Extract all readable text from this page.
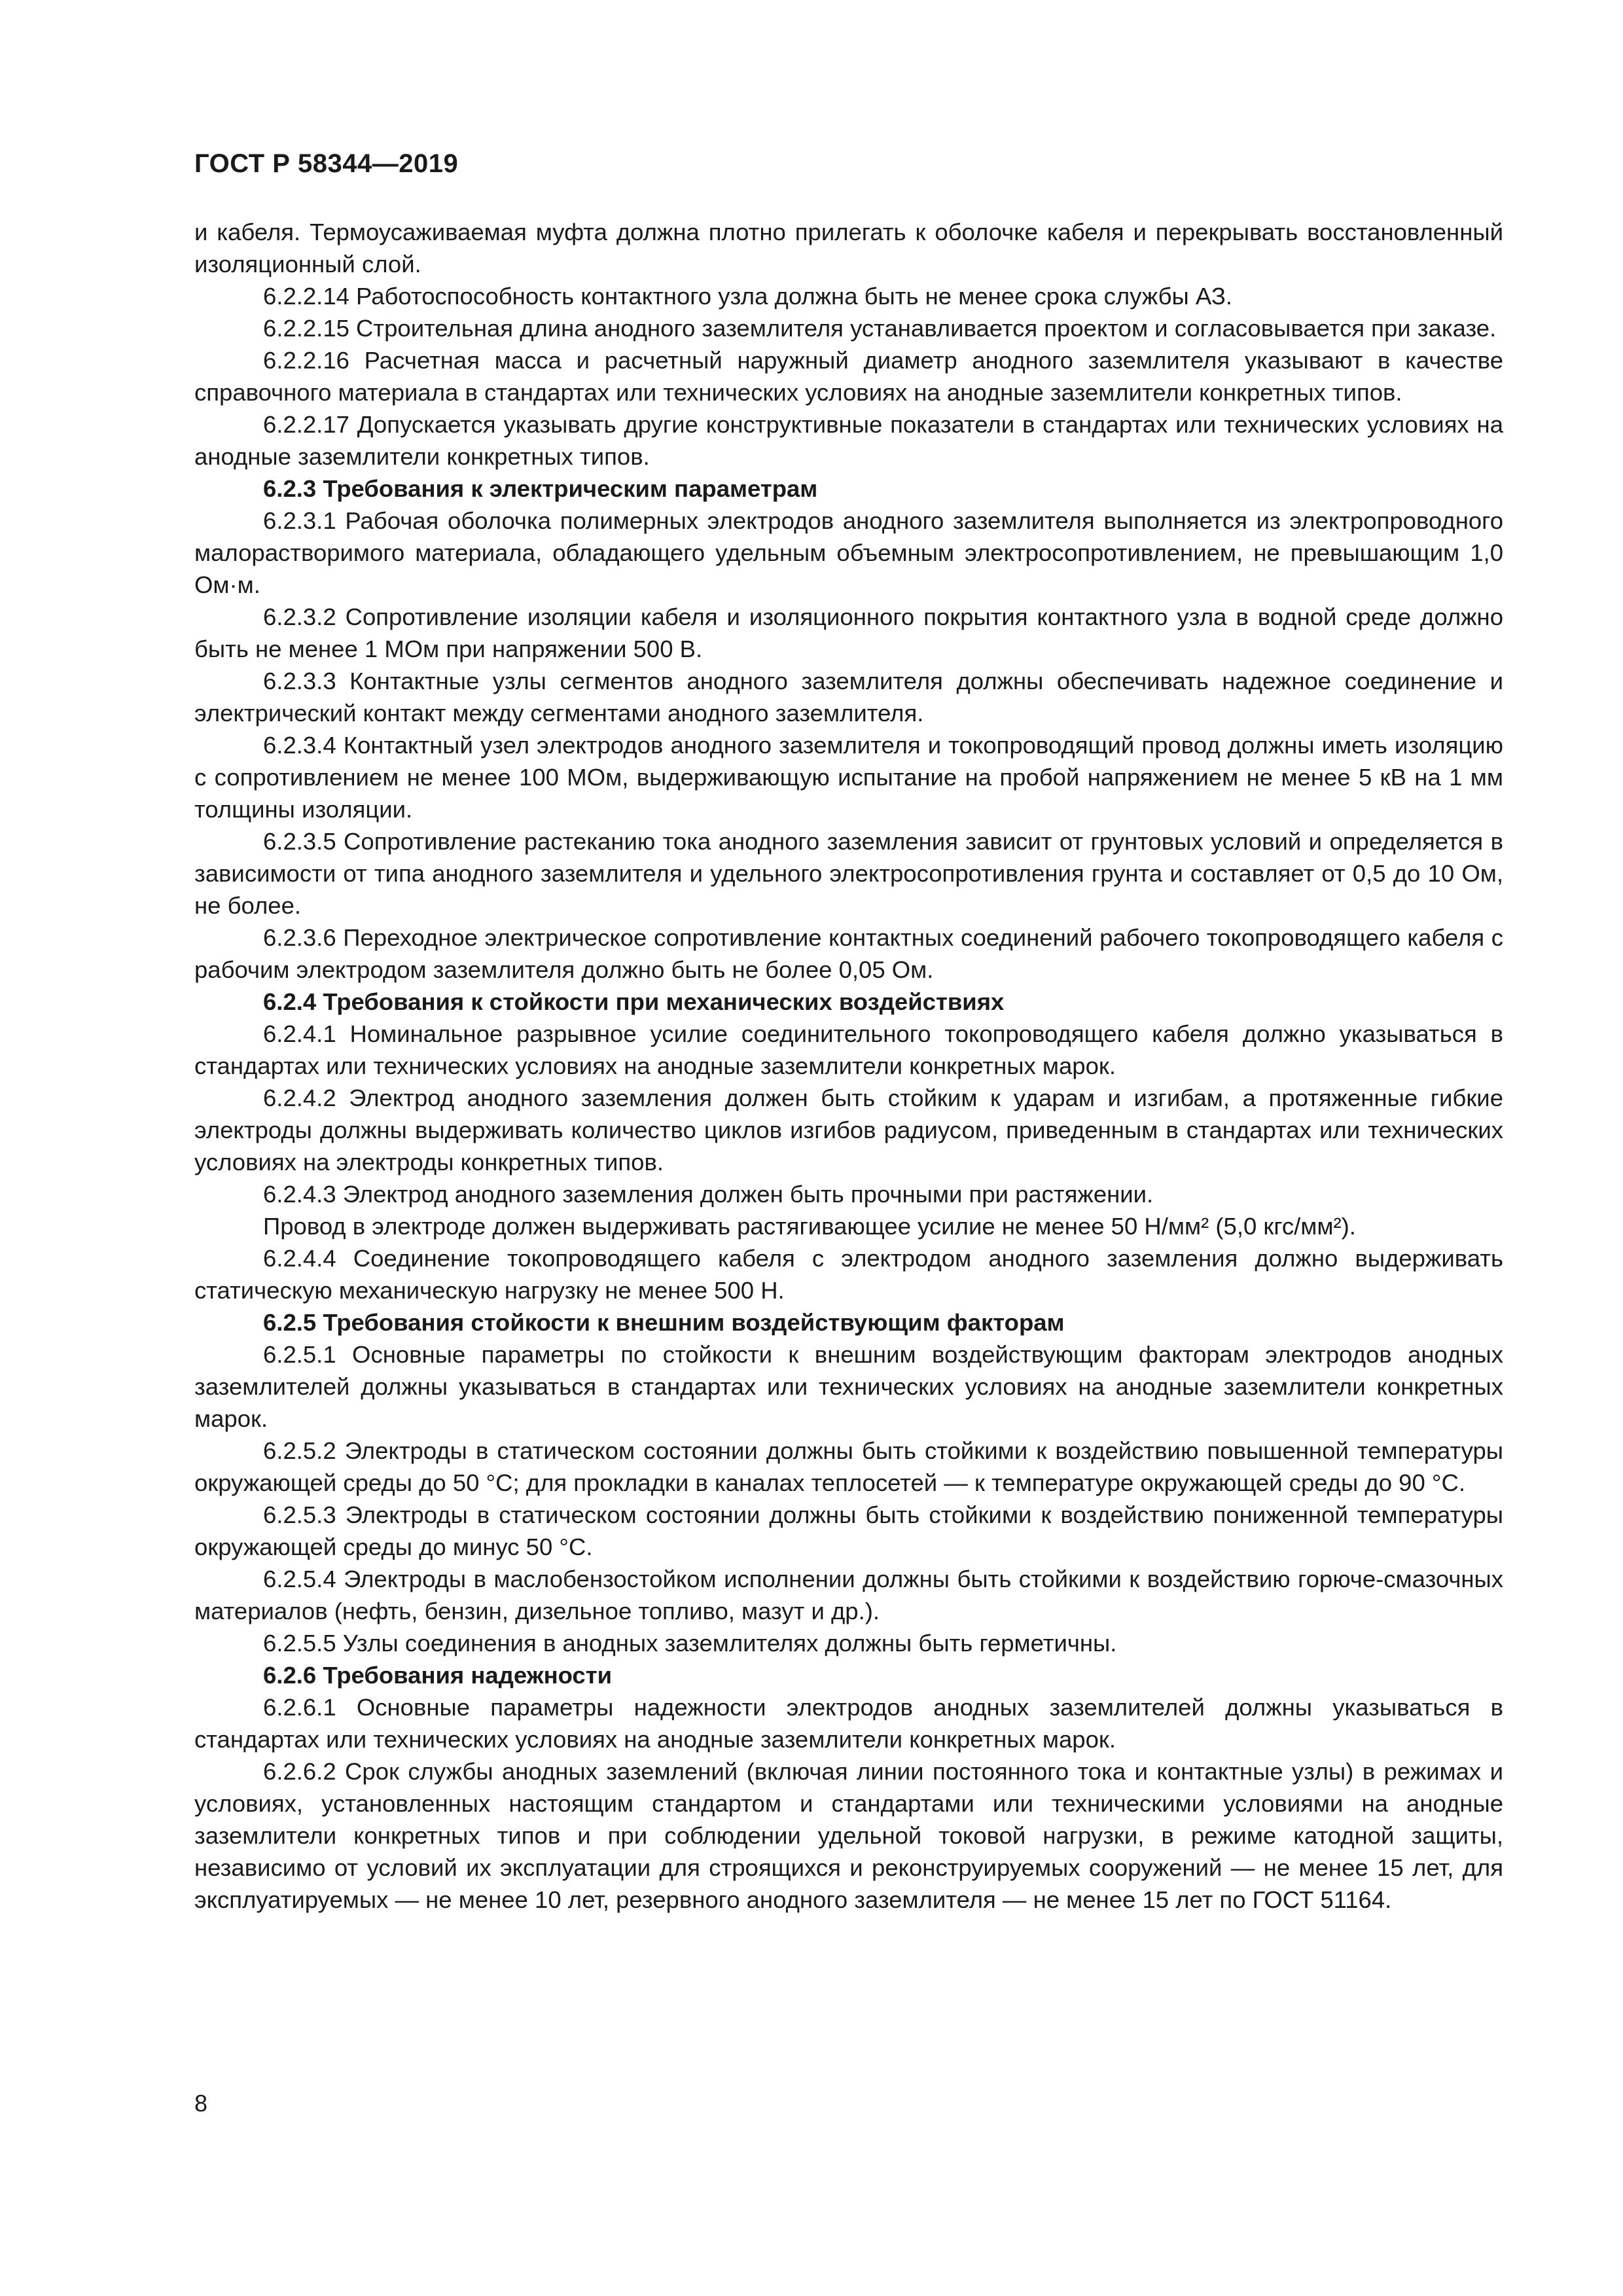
ГОСТ Р 58344—2019

и кабеля. Термоусаживаемая муфта должна плотно прилегать к оболочке кабеля и перекрывать восстановленный изоляционный слой.

6.2.2.14 Работоспособность контактного узла должна быть не менее срока службы АЗ.

6.2.2.15 Строительная длина анодного заземлителя устанавливается проектом и согласовывается при заказе.

6.2.2.16 Расчетная масса и расчетный наружный диаметр анодного заземлителя указывают в качестве справочного материала в стандартах или технических условиях на анодные заземлители конкретных типов.

6.2.2.17 Допускается указывать другие конструктивные показатели в стандартах или технических условиях на анодные заземлители конкретных типов.

6.2.3 Требования к электрическим параметрам

6.2.3.1 Рабочая оболочка полимерных электродов анодного заземлителя выполняется из электропроводного малорастворимого материала, обладающего удельным объемным электросопротивлением, не превышающим 1,0 Ом·м.

6.2.3.2 Сопротивление изоляции кабеля и изоляционного покрытия контактного узла в водной среде должно быть не менее 1 МОм при напряжении 500 В.

6.2.3.3 Контактные узлы сегментов анодного заземлителя должны обеспечивать надежное соединение и электрический контакт между сегментами анодного заземлителя.

6.2.3.4 Контактный узел электродов анодного заземлителя и токопроводящий провод должны иметь изоляцию с сопротивлением не менее 100 МОм, выдерживающую испытание на пробой напряжением не менее 5 кВ на 1 мм толщины изоляции.

6.2.3.5 Сопротивление растеканию тока анодного заземления зависит от грунтовых условий и определяется в зависимости от типа анодного заземлителя и удельного электросопротивления грунта и составляет от 0,5 до 10 Ом, не более.

6.2.3.6 Переходное электрическое сопротивление контактных соединений рабочего токопроводящего кабеля с рабочим электродом заземлителя должно быть не более 0,05 Ом.

6.2.4 Требования к стойкости при механических воздействиях

6.2.4.1 Номинальное разрывное усилие соединительного токопроводящего кабеля должно указываться в стандартах или технических условиях на анодные заземлители конкретных марок.

6.2.4.2 Электрод анодного заземления должен быть стойким к ударам и изгибам, а протяженные гибкие электроды должны выдерживать количество циклов изгибов радиусом, приведенным в стандартах или технических условиях на электроды конкретных типов.

6.2.4.3 Электрод анодного заземления должен быть прочными при растяжении.

Провод в электроде должен выдерживать растягивающее усилие не менее 50 Н/мм² (5,0 кгс/мм²).

6.2.4.4 Соединение токопроводящего кабеля с электродом анодного заземления должно выдерживать статическую механическую нагрузку не менее 500 Н.

6.2.5 Требования стойкости к внешним воздействующим факторам

6.2.5.1 Основные параметры по стойкости к внешним воздействующим факторам электродов анодных заземлителей должны указываться в стандартах или технических условиях на анодные заземлители конкретных марок.

6.2.5.2 Электроды в статическом состоянии должны быть стойкими к воздействию повышенной температуры окружающей среды до 50 °С; для прокладки в каналах теплосетей — к температуре окружающей среды до 90 °С.

6.2.5.3 Электроды в статическом состоянии должны быть стойкими к воздействию пониженной температуры окружающей среды до минус 50 °С.

6.2.5.4 Электроды в маслобензостойком исполнении должны быть стойкими к воздействию горюче-смазочных материалов (нефть, бензин, дизельное топливо, мазут и др.).

6.2.5.5 Узлы соединения в анодных заземлителях должны быть герметичны.

6.2.6 Требования надежности

6.2.6.1 Основные параметры надежности электродов анодных заземлителей должны указываться в стандартах или технических условиях на анодные заземлители конкретных марок.

6.2.6.2 Срок службы анодных заземлений (включая линии постоянного тока и контактные узлы) в режимах и условиях, установленных настоящим стандартом и стандартами или техническими условиями на анодные заземлители конкретных типов и при соблюдении удельной токовой нагрузки, в режиме катодной защиты, независимо от условий их эксплуатации для строящихся и реконструируемых сооружений — не менее 15 лет, для эксплуатируемых — не менее 10 лет, резервного анодного заземлителя — не менее 15 лет по ГОСТ 51164.

8
